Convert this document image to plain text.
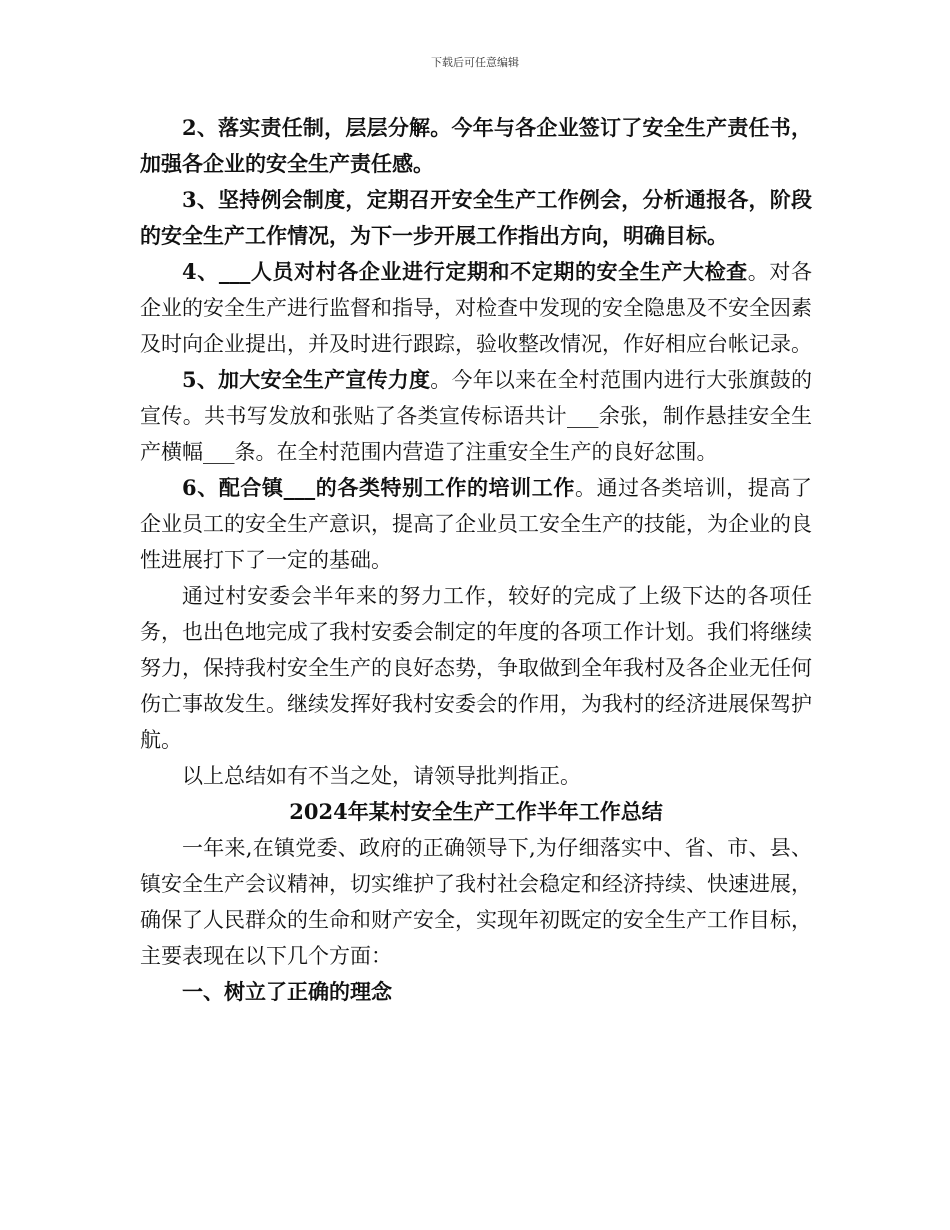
下载后可任意编辑

2、落实责任制，层层分解。今年与各企业签订了安全生产责任书，加强各企业的安全生产责任感。

3、坚持例会制度，定期召开安全生产工作例会，分析通报各，阶段的安全生产工作情况，为下一步开展工作指出方向，明确目标。

4、___人员对村各企业进行定期和不定期的安全生产大检查。对各企业的安全生产进行监督和指导，对检查中发现的安全隐患及不安全因素及时向企业提出，并及时进行跟踪，验收整改情况，作好相应台帐记录。

5、加大安全生产宣传力度。今年以来在全村范围内进行大张旗鼓的宣传。共书写发放和张贴了各类宣传标语共计___余张，制作悬挂安全生产横幅___条。在全村范围内营造了注重安全生产的良好忿围。

6、配合镇___的各类特别工作的培训工作。通过各类培训，提高了企业员工的安全生产意识，提高了企业员工安全生产的技能，为企业的良性进展打下了一定的基础。

通过村安委会半年来的努力工作，较好的完成了上级下达的各项任务，也出色地完成了我村安委会制定的年度的各项工作计划。我们将继续努力，保持我村安全生产的良好态势，争取做到全年我村及各企业无任何伤亡事故发生。继续发挥好我村安委会的作用，为我村的经济进展保驾护航。

以上总结如有不当之处，请领导批判指正。

2024年某村安全生产工作半年工作总结

一年来,在镇党委、政府的正确领导下,为仔细落实中、省、市、县、镇安全生产会议精神，切实维护了我村社会稳定和经济持续、快速进展，确保了人民群众的生命和财产安全，实现年初既定的安全生产工作目标，主要表现在以下几个方面：

一、树立了正确的理念
